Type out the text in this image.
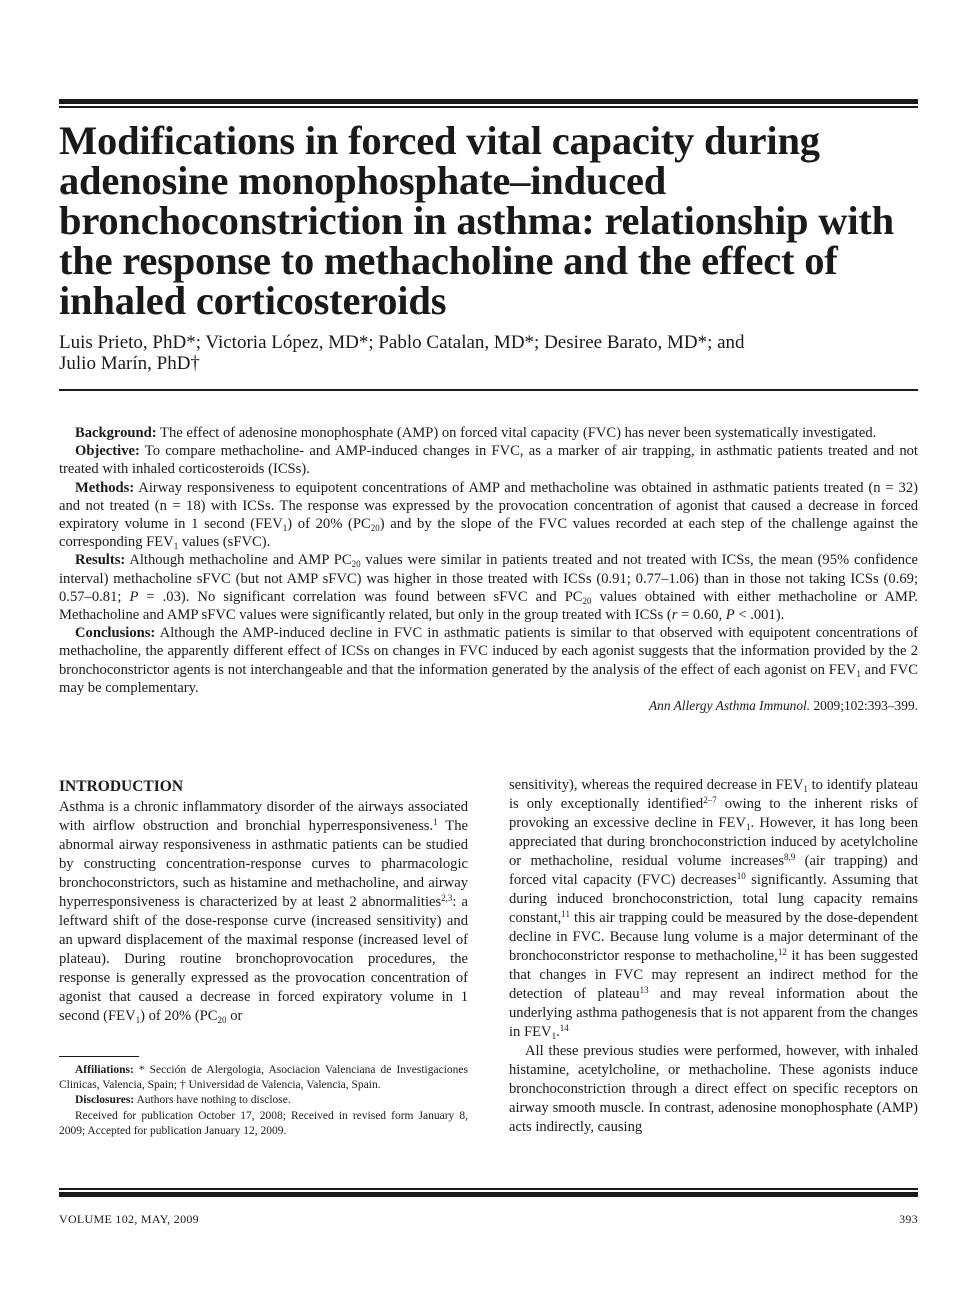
Modifications in forced vital capacity during adenosine monophosphate–induced bronchoconstriction in asthma: relationship with the response to methacholine and the effect of inhaled corticosteroids
Luis Prieto, PhD*; Victoria López, MD*; Pablo Catalan, MD*; Desiree Barato, MD*; and
Julio Marín, PhD†

Background: The effect of adenosine monophosphate (AMP) on forced vital capacity (FVC) has never been systematically investigated.

Objective: To compare methacholine- and AMP-induced changes in FVC, as a marker of air trapping, in asthmatic patients treated and not treated with inhaled corticosteroids (ICSs).

Methods: Airway responsiveness to equipotent concentrations of AMP and methacholine was obtained in asthmatic patients treated (n = 32) and not treated (n = 18) with ICSs. The response was expressed by the provocation concentration of agonist that caused a decrease in forced expiratory volume in 1 second $(FEV_1)$ of 20% $(PC_{20})$ and by the slope of the FVC values recorded at each step of the challenge against the corresponding $FEV_1$ values (sFVC).

Results: Although methacholine and AMP $PC_{20}$ values were similar in patients treated and not treated with ICSs, the mean (95% confidence interval) methacholine sFVC (but not AMP sFVC) was higher in those treated with ICSs (0.91; 0.77–1.06) than in those not taking ICSs (0.69; 0.57–0.81; P = .03). No significant correlation was found between sFVC and $PC_{20}$ values obtained with either methacholine or AMP. Methacholine and AMP sFVC values were significantly related, but only in the group treated with ICSs (r = 0.60, P < .001).

Conclusions: Although the AMP-induced decline in FVC in asthmatic patients is similar to that observed with equipotent concentrations of methacholine, the apparently different effect of ICSs on changes in FVC induced by each agonist suggests that the information provided by the 2 bronchoconstrictor agents is not interchangeable and that the information generated by the analysis of the effect of each agonist on $FEV_1$ and FVC may be complementary.

Ann Allergy Asthma Immunol. 2009;102:393–399.
INTRODUCTION

Asthma is a chronic inflammatory disorder of the airways associated with airflow obstruction and bronchial hyperresponsiveness.$^1$ The abnormal airway responsiveness in asthmatic patients can be studied by constructing concentration-response curves to pharmacologic bronchoconstrictors, such as histamine and methacholine, and airway hyperresponsiveness is characterized by at least 2 abnormalities$^{2,3}$: a leftward shift of the dose-response curve (increased sensitivity) and an upward displacement of the maximal response (increased level of plateau). During routine bronchoprovocation procedures, the response is generally expressed as the provocation concentration of agonist that caused a decrease in forced expiratory volume in 1 second $(FEV_1)$ of 20% ($PC_{20}$ or

Affiliations: * Sección de Alergologia, Asociacion Valenciana de Investigaciones Clinicas, Valencia, Spain; † Universidad de Valencia, Valencia, Spain.

Disclosures: Authors have nothing to disclose.

Received for publication October 17, 2008; Received in revised form January 8, 2009; Accepted for publication January 12, 2009.

sensitivity), whereas the required decrease in $FEV_1$ to identify plateau is only exceptionally identified$^{2-7}$ owing to the inherent risks of provoking an excessive decline in $FEV_1$. However, it has long been appreciated that during bronchoconstriction induced by acetylcholine or methacholine, residual volume increases$^{8,9}$ (air trapping) and forced vital capacity (FVC) decreases$^{10}$ significantly. Assuming that during induced bronchoconstriction, total lung capacity remains constant,$^{11}$ this air trapping could be measured by the dose-dependent decline in FVC. Because lung volume is a major determinant of the bronchoconstrictor response to methacholine,$^{12}$ it has been suggested that changes in FVC may represent an indirect method for the detection of plateau$^{13}$ and may reveal information about the underlying asthma pathogenesis that is not apparent from the changes in $FEV_1.^{14}$

All these previous studies were performed, however, with inhaled histamine, acetylcholine, or methacholine. These agonists induce bronchoconstriction through a direct effect on specific receptors on airway smooth muscle. In contrast, adenosine monophosphate (AMP) acts indirectly, causing

VOLUME 102, MAY, 2009	393
